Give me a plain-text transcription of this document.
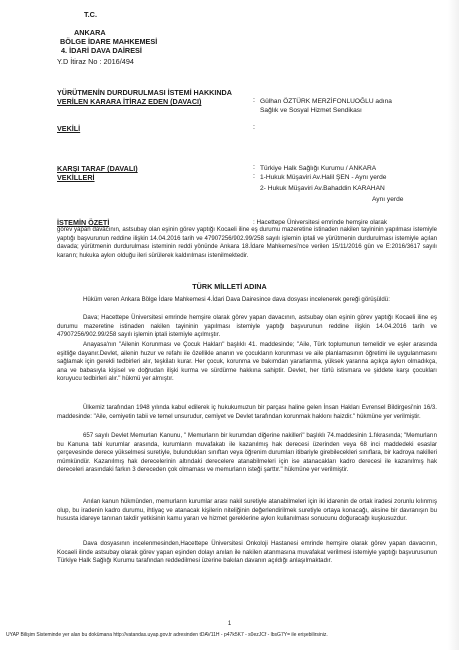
T.C.
ANKARA
BÖLGE İDARE MAHKEMESİ
4. İDARİ DAVA DAİRESİ
Y.D İtiraz No : 2016/494
YÜRÜTMENİN DURDURULMASI İSTEMİ HAKKINDA
VERİLEN KARARA İTİRAZ EDEN (DAVACI)	: Gülhan ÖZTÜRK MERZİFONLUOĞLU adına
Sağlık ve Sosyal Hizmet Sendikası
VEKİLİ	:
KARŞI TARAF (DAVALI)	: Türkiye Halk Sağlığı Kurumu / ANKARA
VEKİLLERİ	: 1-Hukuk Müşaviri Av.Halil ŞEN - Aynı yerde
2- Hukuk Müşaviri Av.Bahaddin KARAHAN
Aynı yerde
İSTEMİN ÖZETİ	: Hacettepe Üniversitesi emrinde hemşire olarak
görev yapan davacının, astsubay olan eşinin görev yaptığı Kocaeli iline eş durumu mazeretine istinaden nakilen tayininin yapılması istemiyle yaptığı başvurunun reddine ilişkin 14.04.2016 tarih ve 47907256/902.99/258 sayılı işlemin iptali ve yürütmenin durdurulması istemiyle açılan davada; yürütmenin durdurulması isteminin reddi yönünde Ankara 18.İdare Mahkemesi'nce verilen 15/11/2016 gün ve E:2016/3617 sayılı kararın; hukuka aykırı olduğu ileri sürülerek kaldırılması istenilmektedir.
TÜRK MİLLETİ ADINA
Hüküm veren Ankara Bölge İdare Mahkemesi 4.İdari Dava Dairesince dava dosyası incelenerek gereği görüşüldü:
Dava; Hacettepe Üniversitesi emrinde hemşire olarak görev yapan davacının, astsubay olan eşinin görev yaptığı Kocaeli iline eş durumu mazeretine istinaden nakilen tayininin yapılması istemiyle yaptığı başvurunun reddine ilişkin 14.04.2016 tarih ve 47907256/902.99/258 sayılı işlemin iptali istemiyle açılmıştır.
Anayasa'nın "Ailenin Korunması ve Çocuk Hakları" başlıklı 41. maddesinde; "Aile, Türk toplumunun temelidir ve eşler arasında eşitliğe dayanır.Devlet, ailenin huzur ve refahı ile özellikle ananın ve çocukların korunması ve aile planlamasının öğretimi ile uygulanmasını sağlamak için gerekli tedbirleri alır, teşkilatı kurar. Her çocuk, korunma ve bakımdan yararlanma, yüksek yararına açıkça aykırı olmadıkça, ana ve babasıyla kişisel ve doğrudan ilişki kurma ve sürdürme hakkına sahiptir. Devlet, her türlü istismara ve şiddete karşı çocukları koruyucu tedbirleri alır." hükmü yer almıştır.
Ülkemiz tarafından 1948 yılında kabul edilerek iç hukukumuzun bir parçası haline gelen İnsan Hakları Evrensel Bildirgesi'nin 16/3. maddesinde: "Aile, cemiyetin tabii ve temel unsurudur, cemiyet ve Devlet tarafından korunmak hakkını haizdir." hükmüne yer verilmiştir.
657 sayılı Devlet Memurları Kanunu, " Memurların bir kurumdan diğerine nakilleri" başlıklı 74.maddesinin 1.fıkrasında; "Memurların bu Kanuna tabi kurumlar arasında, kurumların muvafakatı ile kazanılmış hak derecesi üzerinden veya 68 inci maddedeki esaslar çerçevesinde derece yükselmesi suretiyle, bulundukları sınıftan veya öğrenim durumları itibariyle girebilecekleri sınıflara, bir kadroya nakilleri mümkündür. Kazanılmış hak derecelerinin altındaki derecelere atanabilmeleri için ise atanacakları kadro derecesi ile kazanılmış hak dereceleri arasındaki farkın 3 dereceden çok olmaması ve memurların isteği şarttır." hükmüne yer verilmiştir.
Anılan kanun hükmünden, memurların kurumlar arası nakil suretiyle atanabilmeleri için iki idarenin de ortak iradesi zorunlu kılınmış olup, bu iradenin kadro durumu, ihtiyaç ve atanacak kişilerin niteliğinin değerlendirilmek suretiyle ortaya konacağı, aksine bir davranışın bu hususta idareye tanınan takdir yetkisinin kamu yararı ve hizmet gereklerine aykırı kullanılması sonucunu doğuracağı kuşkusuzdur.
Dava dosyasının incelenmesinden,Hacettepe Üniversitesi Onkoloji Hastanesi emrinde hemşire olarak görev yapan davacının, Kocaeli ilinde astsubay olarak görev yapan eşinden dolayı anılan ile nakilen atanmasına muvafakat verilmesi istemiyle yaptığı başvurusunun Türkiye Halk Sağlığı Kurumu tarafından reddedilmesi üzerine bakılan davanın açıldığı anlaşılmaktadır.
1
UYAP Bilişim Sisteminde yer alan bu dokümana http://vatandas.uyap.gov.tr adresinden tDAV11H - p47k5K7 - s0ezJCf - lbsG7Y= ile erişebilirsiniz.
